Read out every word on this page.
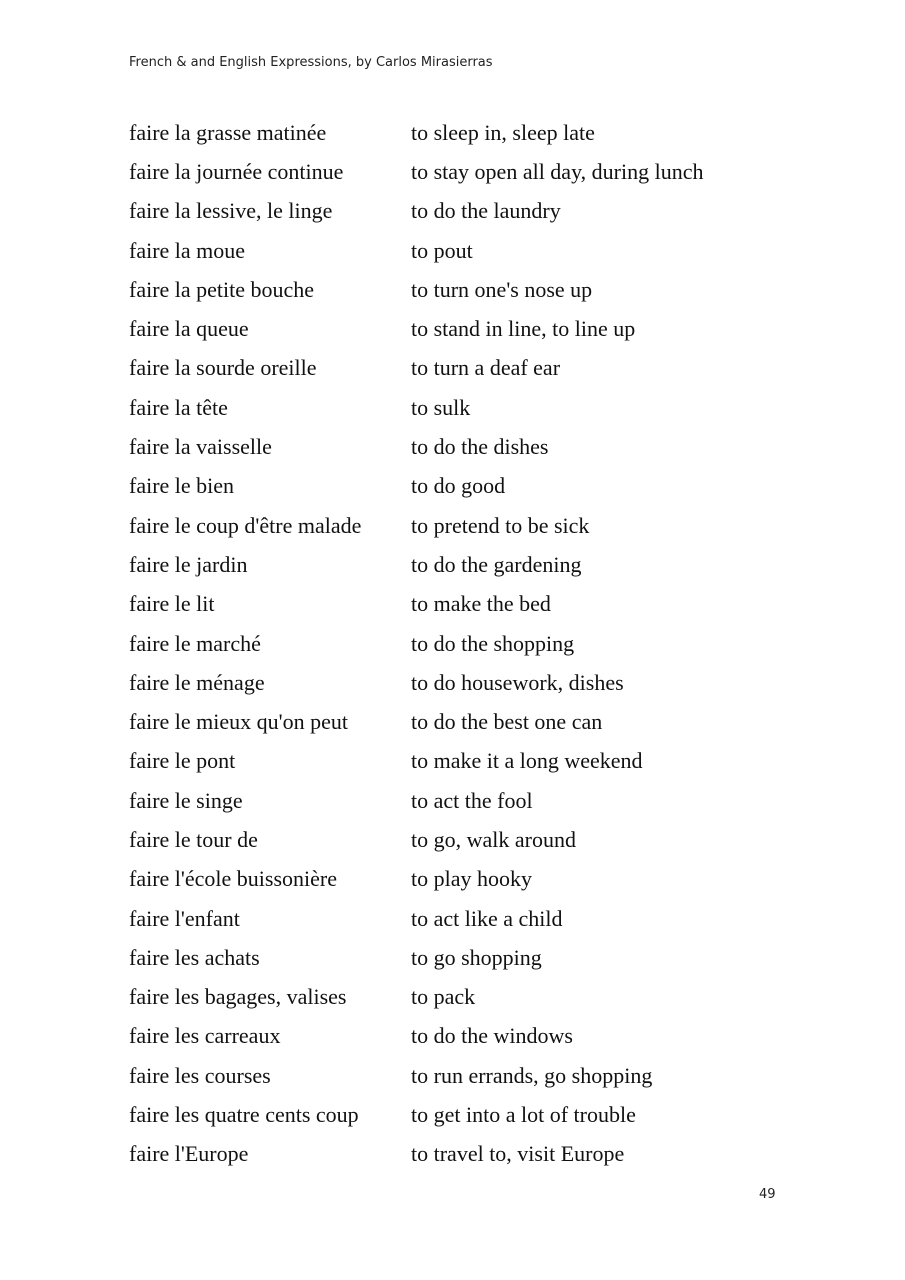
French & and English Expressions, by Carlos Mirasierras
faire la grasse matinée	to sleep in, sleep late
faire la journée continue	to stay open all day, during lunch
faire la lessive, le linge	to do the laundry
faire la moue	to pout
faire la petite bouche	to turn one's nose up
faire la queue	to stand in line, to line up
faire la sourde oreille	to turn a deaf ear
faire la tête	to sulk
faire la vaisselle	to do the dishes
faire le bien	to do good
faire le coup d'être malade	to pretend to be sick
faire le jardin	to do the gardening
faire le lit	to make the bed
faire le marché	to do the shopping
faire le ménage	to do housework, dishes
faire le mieux qu'on peut	to do the best one can
faire le pont	to make it a long weekend
faire le singe	to act the fool
faire le tour de	to go, walk around
faire l'école buissonière	to play hooky
faire l'enfant	to act like a child
faire les achats	to go shopping
faire les bagages, valises	to pack
faire les carreaux	to do the windows
faire les courses	to run errands, go shopping
faire les quatre cents coup	to get into a lot of trouble
faire l'Europe	to travel to, visit Europe
49
